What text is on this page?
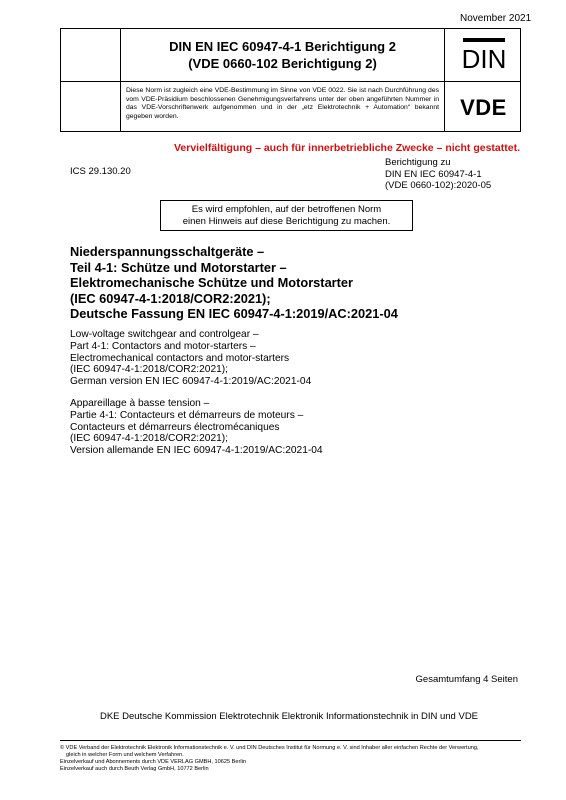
November 2021
DIN EN IEC 60947-4-1 Berichtigung 2
(VDE 0660-102 Berichtigung 2)	DIN
Diese Norm ist zugleich eine VDE-Bestimmung im Sinne von VDE 0022. Sie ist nach Durchführung des vom VDE-Präsidium beschlossenen Genehmigungsverfahrens unter der oben angeführten Nummer in das VDE-Vorschriftenwerk aufgenommen und in der „etz Elektrotechnik + Automation“ bekannt gegeben worden.	VDE
Vervielfältigung – auch für innerbetriebliche Zwecke – nicht gestattet.
ICS 29.130.20
Berichtigung zu
DIN EN IEC 60947-4-1
(VDE 0660-102):2020-05
Es wird empfohlen, auf der betroffenen Norm
einen Hinweis auf diese Berichtigung zu machen.
Niederspannungsschaltgeräte –
Teil 4-1: Schütze und Motorstarter –
Elektromechanische Schütze und Motorstarter
(IEC 60947-4-1:2018/COR2:2021);
Deutsche Fassung EN IEC 60947-4-1:2019/AC:2021-04
Low-voltage switchgear and controlgear –
Part 4-1: Contactors and motor-starters –
Electromechanical contactors and motor-starters
(IEC 60947-4-1:2018/COR2:2021);
German version EN IEC 60947-4-1:2019/AC:2021-04
Appareillage à basse tension –
Partie 4-1: Contacteurs et démarreurs de moteurs –
Contacteurs et démarreurs électromécaniques
(IEC 60947-4-1:2018/COR2:2021);
Version allemande EN IEC 60947-4-1:2019/AC:2021-04
Gesamtumfang 4 Seiten
DKE Deutsche Kommission Elektrotechnik Elektronik Informationstechnik in DIN und VDE
© VDE Verband der Elektrotechnik Elektronik Informationstechnik e. V. und DIN Deutsches Institut für Normung e. V. sind Inhaber aller einfachen Rechte der Verwertung,
gleich in welcher Form und welchem Verfahren.
Einzelverkauf und Abonnements durch VDE VERLAG GMBH, 10625 Berlin
Einzelverkauf auch durch Beuth Verlag GmbH, 10772 Berlin
